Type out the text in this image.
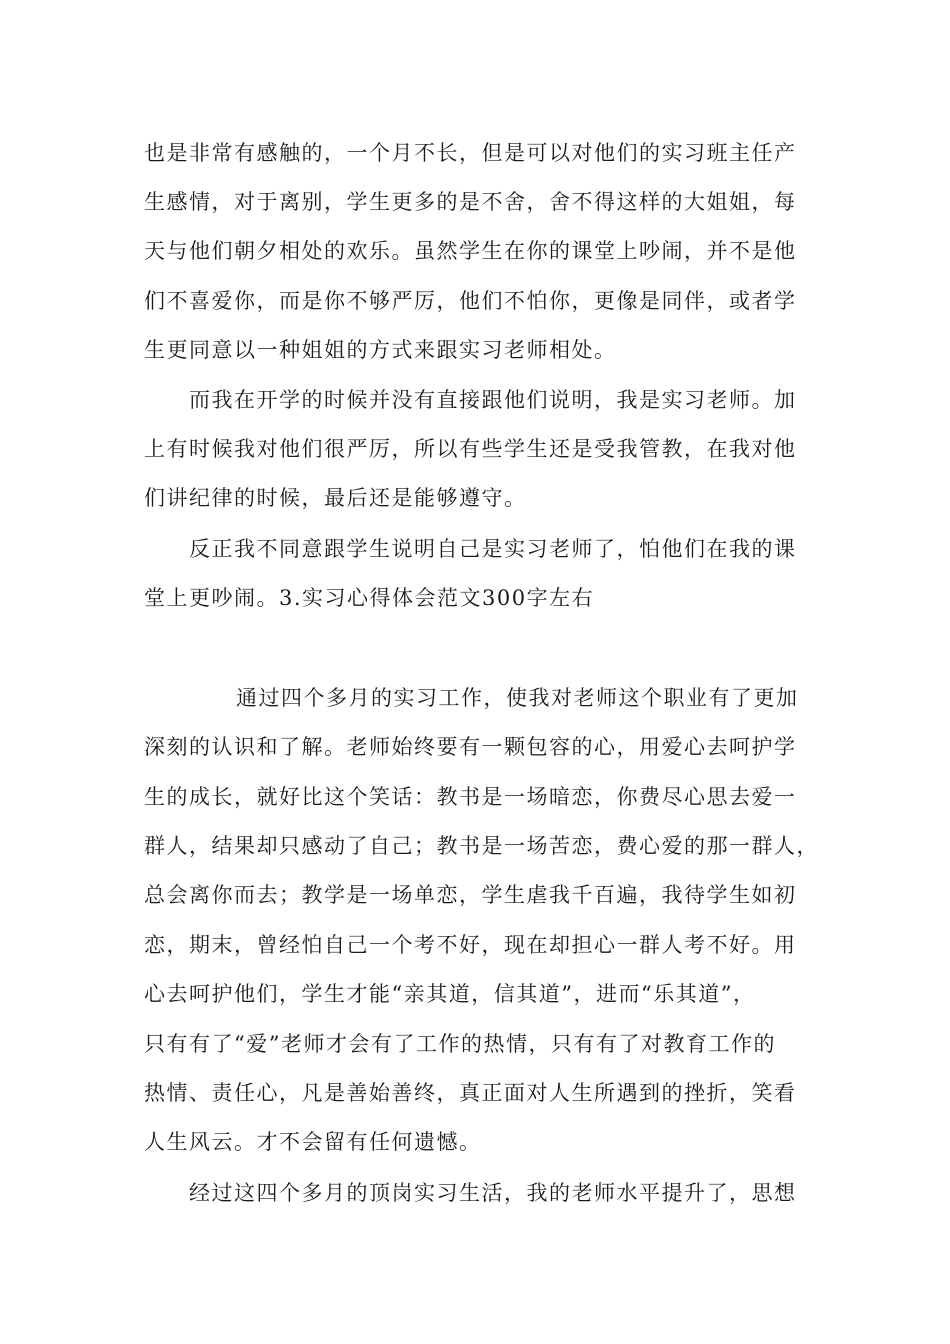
也是非常有感触的，一个月不长，但是可以对他们的实习班主任产
生感情，对于离别，学生更多的是不舍，舍不得这样的大姐姐，每
天与他们朝夕相处的欢乐。虽然学生在你的课堂上吵闹，并不是他
们不喜爱你，而是你不够严厉，他们不怕你，更像是同伴，或者学
生更同意以一种姐姐的方式来跟实习老师相处。
而我在开学的时候并没有直接跟他们说明，我是实习老师。加
上有时候我对他们很严厉，所以有些学生还是受我管教，在我对他
们讲纪律的时候，最后还是能够遵守。
反正我不同意跟学生说明自己是实习老师了，怕他们在我的课
堂上更吵闹。3.实习心得体会范文300字左右
通过四个多月的实习工作，使我对老师这个职业有了更加
深刻的认识和了解。老师始终要有一颗包容的心，用爱心去呵护学
生的成长，就好比这个笑话：教书是一场暗恋，你费尽心思去爱一
群人，结果却只感动了自己；教书是一场苦恋，费心爱的那一群人，
总会离你而去；教学是一场单恋，学生虐我千百遍，我待学生如初
恋，期末，曾经怕自己一个考不好，现在却担心一群人考不好。用
心去呵护他们，学生才能“亲其道，信其道”，进而“乐其道”，
只有有了“爱”老师才会有了工作的热情，只有有了对教育工作的
热情、责任心，凡是善始善终，真正面对人生所遇到的挫折，笑看
人生风云。才不会留有任何遗憾。
经过这四个多月的顶岗实习生活，我的老师水平提升了，思想
